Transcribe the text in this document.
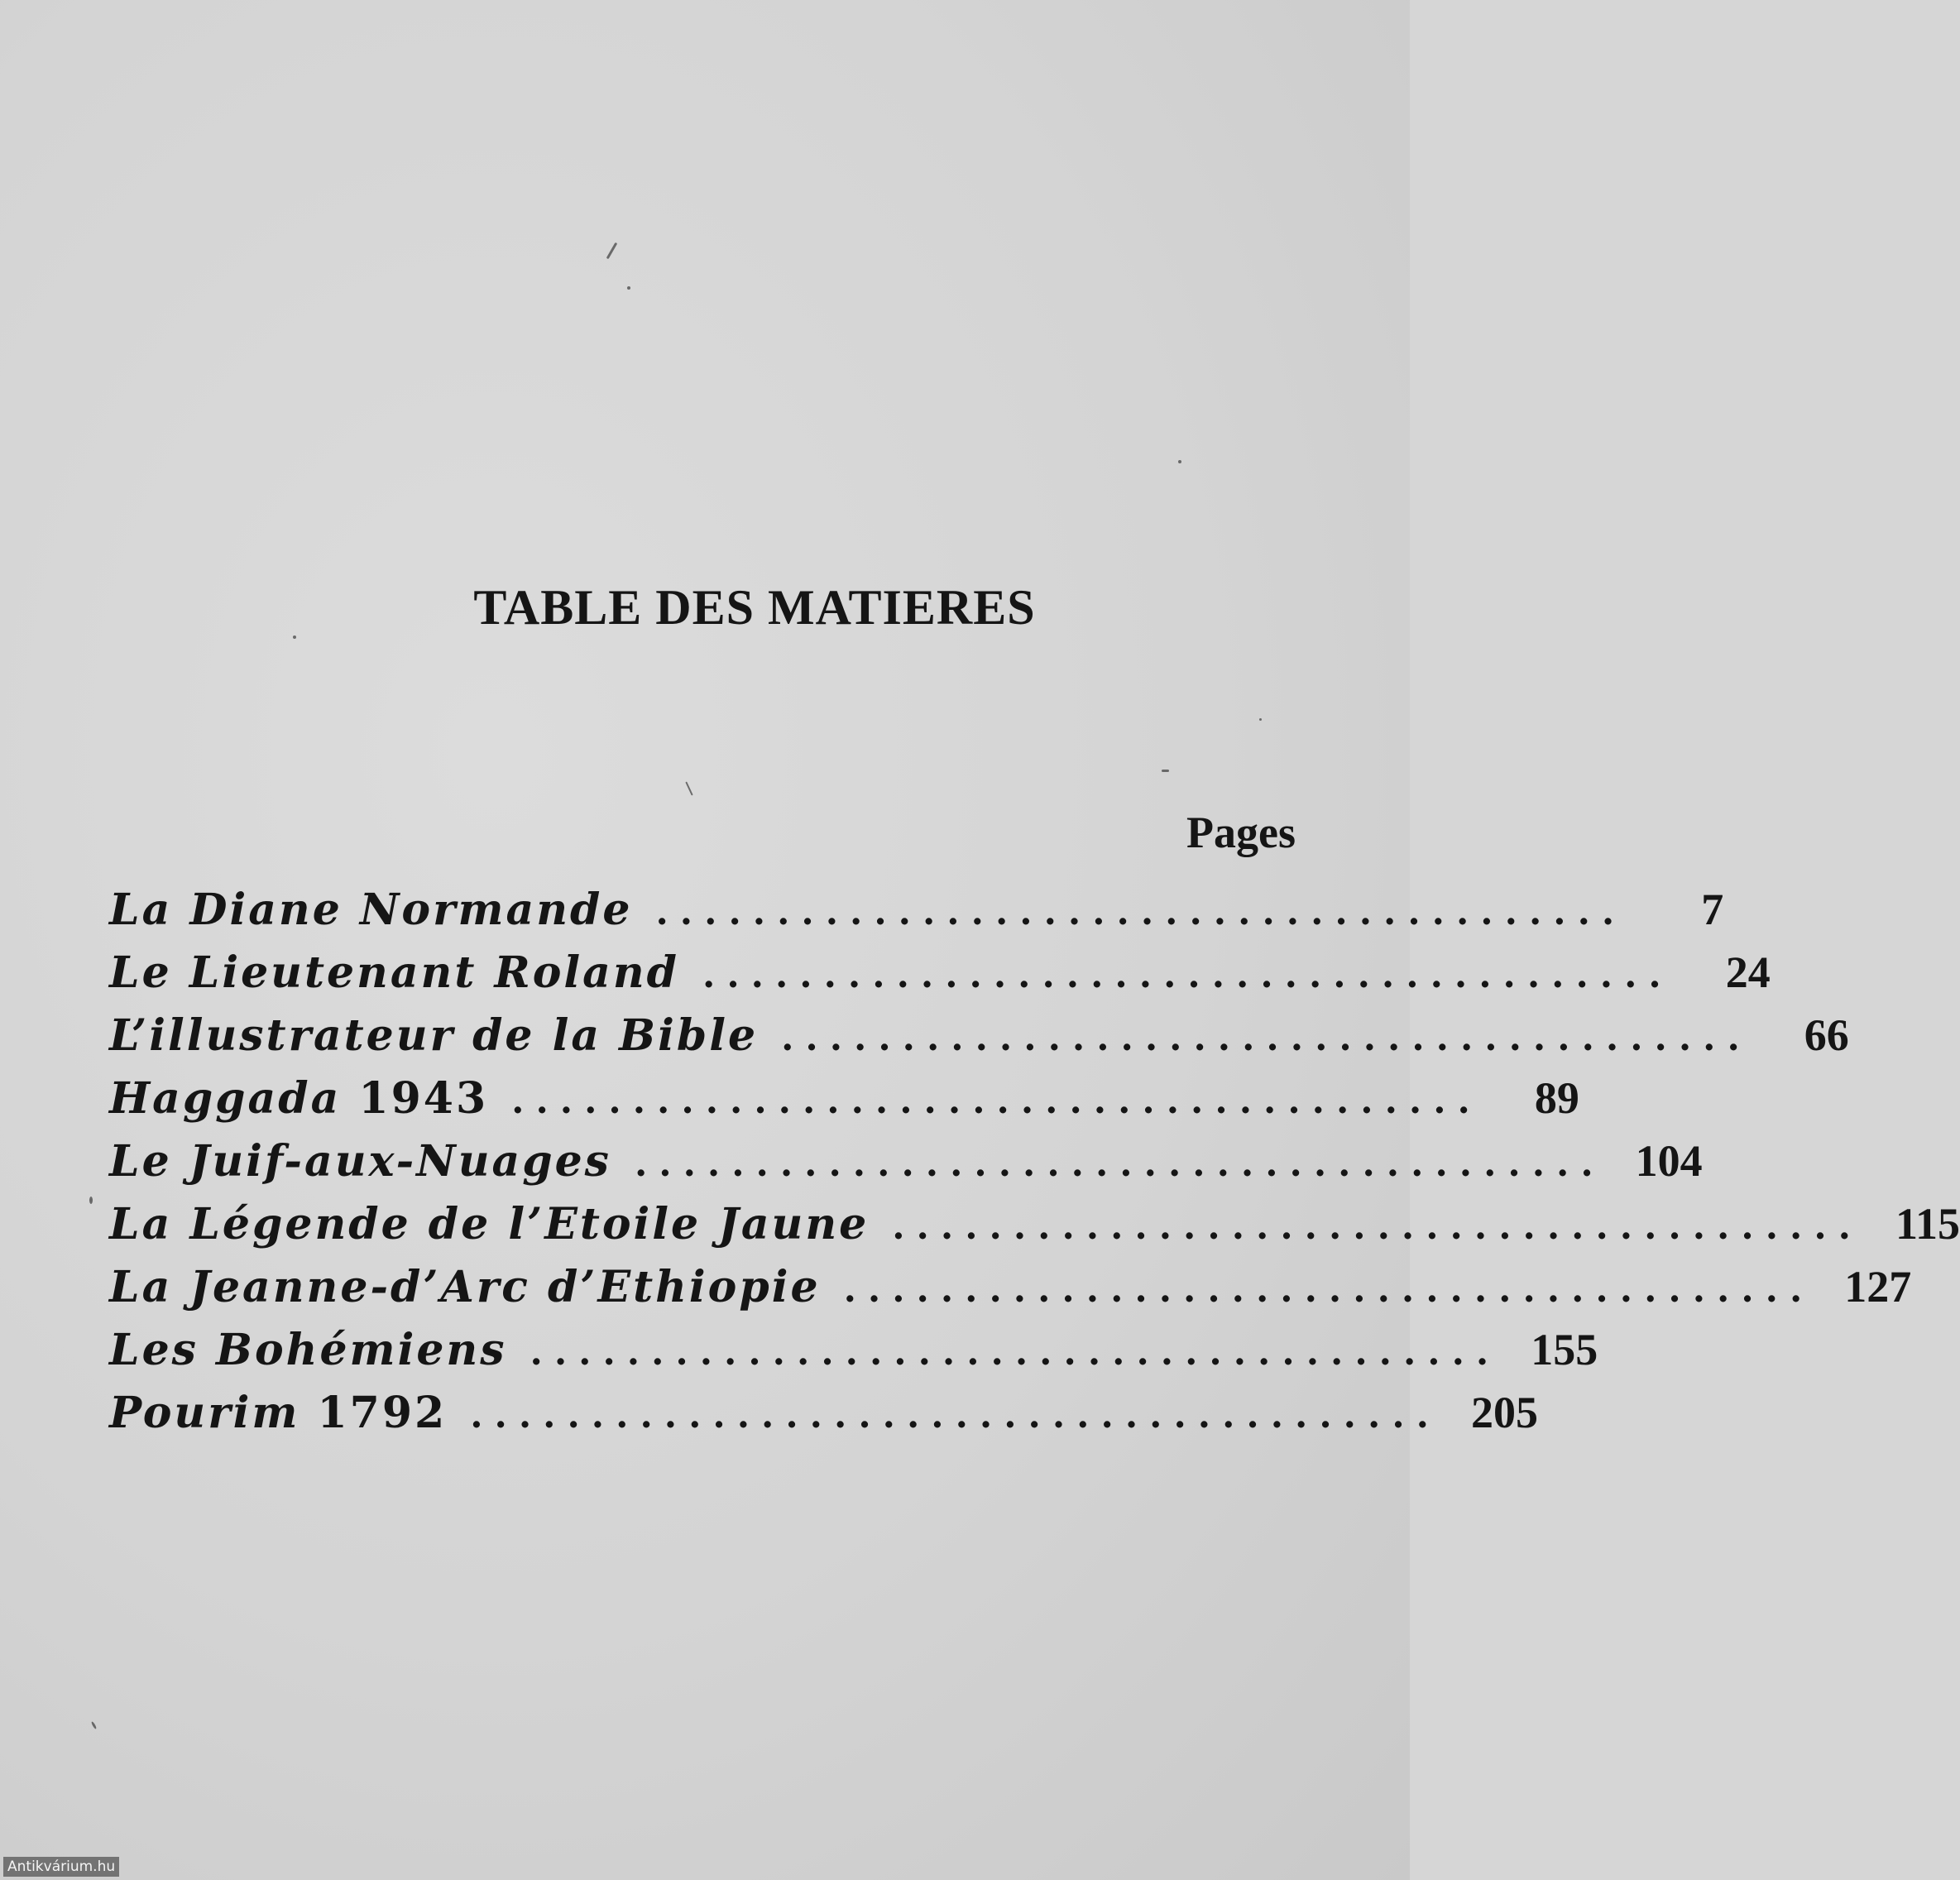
TABLE DES MATIERES
Pages
La Diane Normande ........................................	7
Le Lieutenant Roland ........................................	24
L’illustrateur de la Bible ........................................	66
Haggada 1943 ........................................	89
Le Juif-aux-Nuages ........................................ 104
La Légende de l’Etoile Jaune ........................................ 115
La Jeanne-d’Arc d’Ethiopie ........................................ 127
Les Bohémiens ........................................ 155
Pourim 1792 ........................................ 205
Antikvárium.hu
